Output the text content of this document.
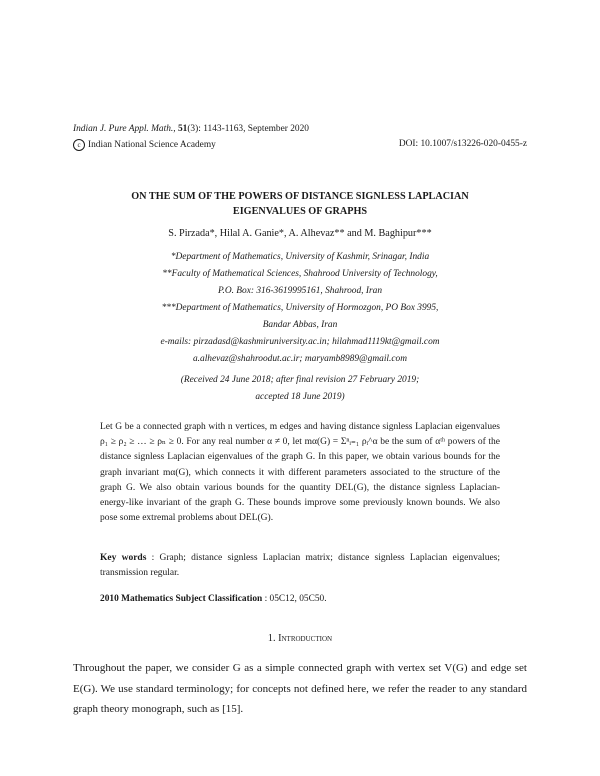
Indian J. Pure Appl. Math., 51(3): 1143-1163, September 2020
c Indian National Science Academy	DOI: 10.1007/s13226-020-0455-z
ON THE SUM OF THE POWERS OF DISTANCE SIGNLESS LAPLACIAN
EIGENVALUES OF GRAPHS
S. Pirzada*, Hilal A. Ganie*, A. Alhevaz** and M. Baghipur***
*Department of Mathematics, University of Kashmir, Srinagar, India
**Faculty of Mathematical Sciences, Shahrood University of Technology,
P.O. Box: 316-3619995161, Shahrood, Iran
***Department of Mathematics, University of Hormozgon, PO Box 3995,
Bandar Abbas, Iran
e-mails: pirzadasd@kashmiruniversity.ac.in; hilahmad1119kt@gmail.com
a.alhevaz@shahroodut.ac.ir; maryamb8989@gmail.com
(Received 24 June 2018; after final revision 27 February 2019;
accepted 18 June 2019)
Let G be a connected graph with n vertices, m edges and having distance signless Laplacian eigenvalues ρ₁ ≥ ρ₂ ≥ … ≥ ρₙ ≥ 0. For any real number α ≠ 0, let mα(G) = Σⁿᵢ₌₁ ρᵢ^α be the sum of αᵗʰ powers of the distance signless Laplacian eigenvalues of the graph G. In this paper, we obtain various bounds for the graph invariant mα(G), which connects it with different parameters associated to the structure of the graph G. We also obtain various bounds for the quantity DEL(G), the distance signless Laplacian-energy-like invariant of the graph G. These bounds improve some previously known bounds. We also pose some extremal problems about DEL(G).
Key words : Graph; distance signless Laplacian matrix; distance signless Laplacian eigenvalues; transmission regular.
2010 Mathematics Subject Classification : 05C12, 05C50.
1. Introduction
Throughout the paper, we consider G as a simple connected graph with vertex set V(G) and edge set E(G). We use standard terminology; for concepts not defined here, we refer the reader to any standard graph theory monograph, such as [15].
